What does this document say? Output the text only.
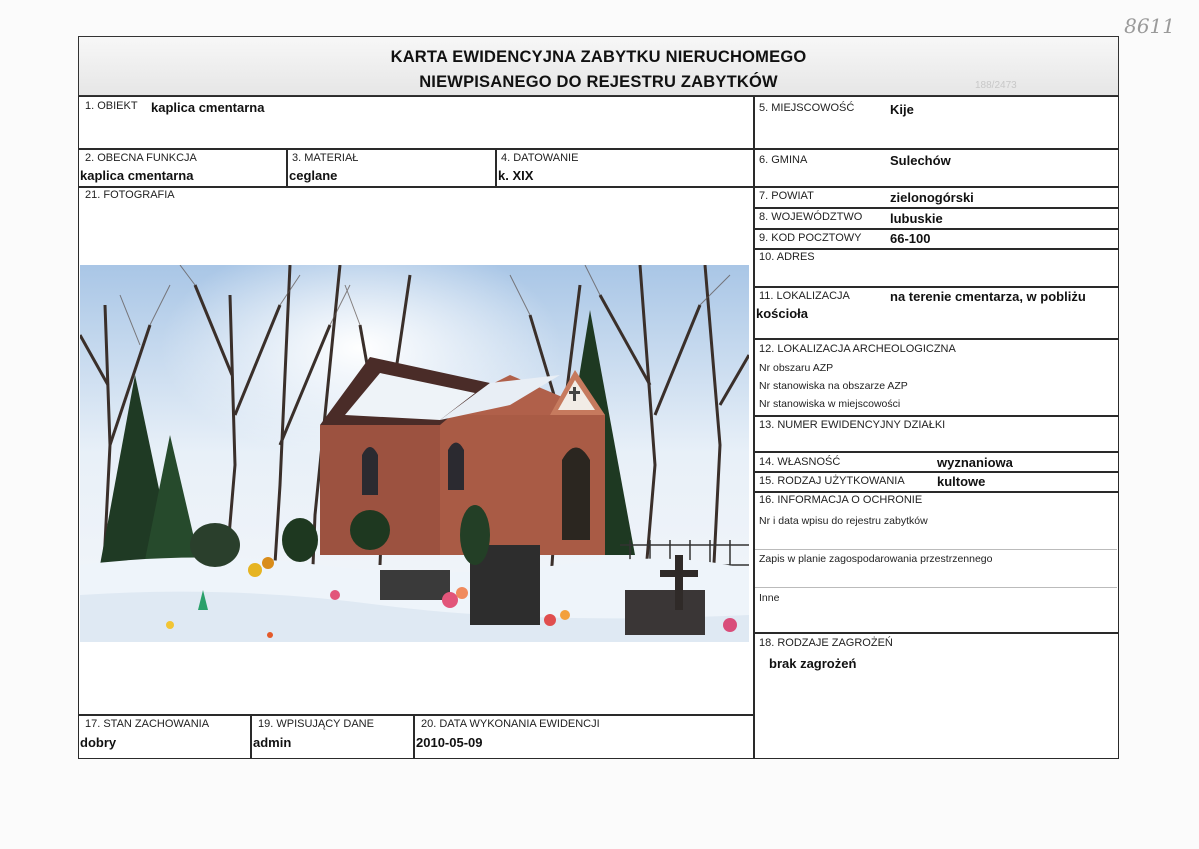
8611
KARTA EWIDENCYJNA ZABYTKU NIERUCHOMEGO
NIEWPISANEGO DO REJESTRU ZABYTKÓW	188/2473
1. OBIEKT kaplica cmentarna
2. OBECNA FUNKCJA
kaplica cmentarna
3. MATERIAŁ
ceglane
4. DATOWANIE
k. XIX
21. FOTOGRAFIA
17. STAN ZACHOWANIA
dobry
19. WPISUJĄCY DANE
admin
20. DATA WYKONANIA EWIDENCJI
2010-05-09
5. MIEJSCOWOŚĆ	Kije
6. GMINA	Sulechów
7. POWIAT	zielonogórski
8. WOJEWÓDZTWO lubuskie
9. KOD POCZTOWY 66-100
10. ADRES
11. LOKALIZACJA	na terenie cmentarza, w pobliżu
kościoła
12. LOKALIZACJA ARCHEOLOGICZNA
Nr obszaru AZP
Nr stanowiska na obszarze AZP
Nr stanowiska w miejscowości
13. NUMER EWIDENCYJNY DZIAŁKI
14. WŁASNOŚĆ	wyznaniowa
15. RODZAJ UŻYTKOWANIA kultowe
16. INFORMACJA O OCHRONIE
Nr i data wpisu do rejestru zabytków
Zapis w planie zagospodarowania przestrzennego
Inne
18. RODZAJE ZAGROŻEŃ
brak zagrożeń
